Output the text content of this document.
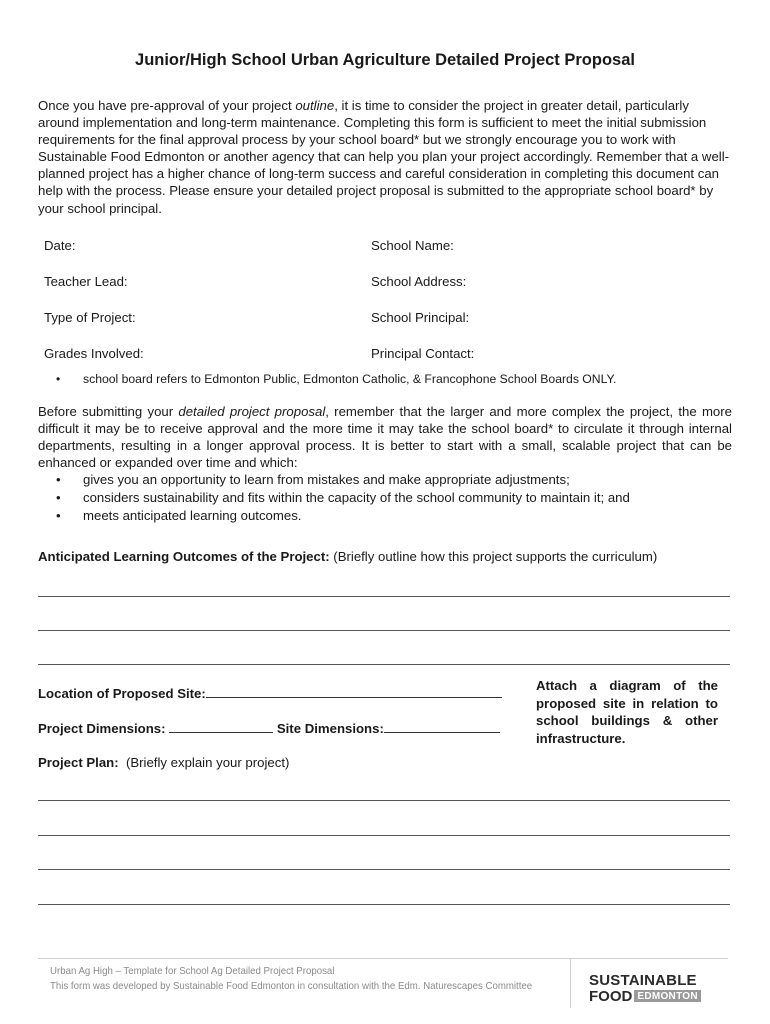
Junior/High School Urban Agriculture Detailed Project Proposal
Once you have pre-approval of your project outline, it is time to consider the project in greater detail, particularly around implementation and long-term maintenance. Completing this form is sufficient to meet the initial submission requirements for the final approval process by your school board* but we strongly encourage you to work with Sustainable Food Edmonton or another agency that can help you plan your project accordingly. Remember that a well-planned project has a higher chance of long-term success and careful consideration in completing this document can help with the process. Please ensure your detailed project proposal is submitted to the appropriate school board* by your school principal.
Date:	School Name:
Teacher Lead:	School Address:
Type of Project:	School Principal:
Grades Involved:	Principal Contact:
• school board refers to Edmonton Public, Edmonton Catholic, & Francophone School Boards ONLY.
Before submitting your detailed project proposal, remember that the larger and more complex the project, the more difficult it may be to receive approval and the more time it may take the school board* to circulate it through internal departments, resulting in a longer approval process. It is better to start with a small, scalable project that can be enhanced or expanded over time and which:
• gives you an opportunity to learn from mistakes and make appropriate adjustments;
• considers sustainability and fits within the capacity of the school community to maintain it; and
• meets anticipated learning outcomes.
Anticipated Learning Outcomes of the Project: (Briefly outline how this project supports the curriculum)
Location of Proposed Site:
Project Dimensions:	Site Dimensions:
Attach a diagram of the proposed site in relation to school buildings & other infrastructure.
Project Plan:  (Briefly explain your project)
Urban Ag High – Template for School Ag Detailed Project Proposal
This form was developed by Sustainable Food Edmonton in consultation with the Edm. Naturescapes Committee	SUSTAINABLE
FOOD EDMONTON
